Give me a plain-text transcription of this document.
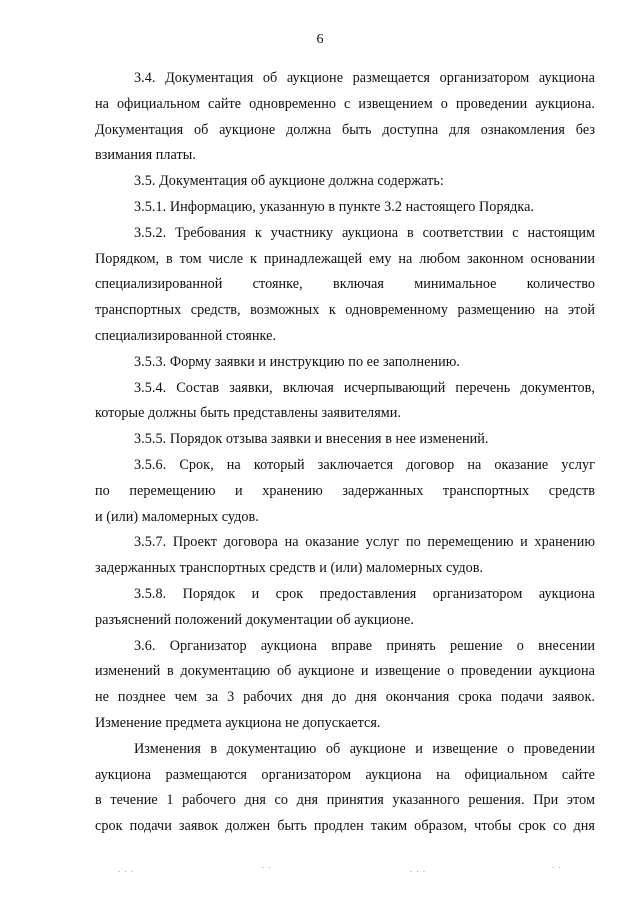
6

3.4. Документация об аукционе размещается организатором аукциона
на официальном сайте одновременно с извещением о проведении аукциона.
Документация об аукционе должна быть доступна для ознакомления без
взимания платы.

3.5. Документация об аукционе должна содержать:

3.5.1. Информацию, указанную в пункте 3.2 настоящего Порядка.

3.5.2. Требования к участнику аукциона в соответствии с настоящим
Порядком, в том числе к принадлежащей ему на любом законном основании
специализированной стоянке, включая минимальное количество
транспортных средств, возможных к одновременному размещению на этой
специализированной стоянке.

3.5.3. Форму заявки и инструкцию по ее заполнению.

3.5.4. Состав заявки, включая исчерпывающий перечень документов,
которые должны быть представлены заявителями.

3.5.5. Порядок отзыва заявки и внесения в нее изменений.

3.5.6. Срок, на который заключается договор на оказание услуг
по перемещению и хранению задержанных транспортных средств
и (или) маломерных судов.

3.5.7. Проект договора на оказание услуг по перемещению и хранению
задержанных транспортных средств и (или) маломерных судов.

3.5.8. Порядок и срок предоставления организатором аукциона
разъяснений положений документации об аукционе.

3.6. Организатор аукциона вправе принять решение о внесении
изменений в документацию об аукционе и извещение о проведении аукциона
не позднее чем за 3 рабочих дня до дня окончания срока подачи заявок.
Изменение предмета аукциона не допускается.

Изменения в документацию об аукционе и извещение о проведении
аукциона размещаются организатором аукциона на официальном сайте
в течение 1 рабочего дня со дня принятия указанного решения. При этом
срок подачи заявок должен быть продлен таким образом, чтобы срок со дня

· · ·	· ·	· · ·	· ·
